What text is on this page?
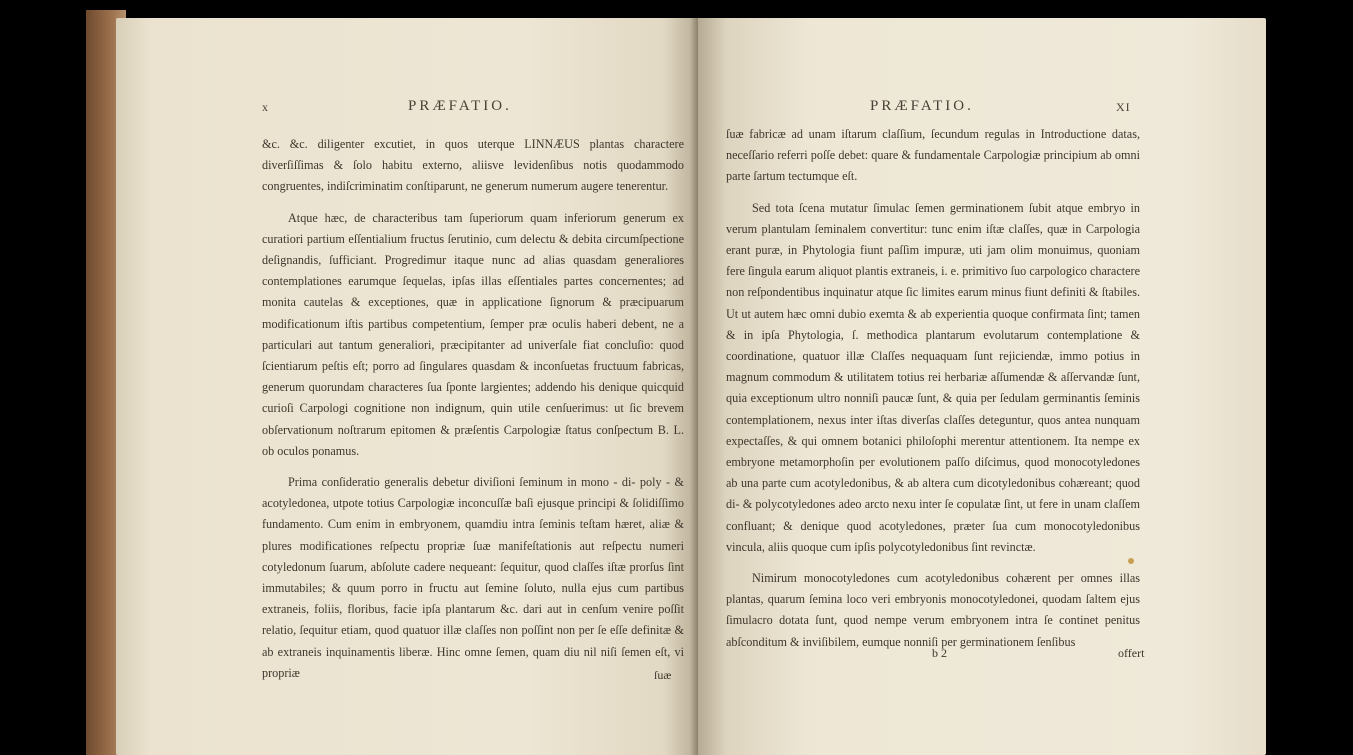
x	PRÆFATIO.

&c. &c. diligenter excutiet, in quos uterque LINNÆUS plantas charactere diverſiſſimas & ſolo habitu externo, aliisve levidenſibus notis quodammodo congruentes, indiſcriminatim conſtiparunt, ne generum numerum augere tenerentur.

Atque hæc, de characteribus tam ſuperiorum quam inferiorum generum ex curatiori partium eſſentialium fructus ſerutinio, cum delectu & debita circumſpectione deſignandis, ſufficiant. Progredimur itaque nunc ad alias quasdam generaliores contemplationes earumque ſequelas, ipſas illas eſſentiales partes concernentes; ad monita cautelas & exceptiones, quæ in applicatione ſignorum & præcipuarum modificationum iſtis partibus competentium, ſemper præ oculis haberi debent, ne a particulari aut tantum generaliori, præcipitanter ad univerſale fiat concluſio: quod ſcientiarum peſtis eſt; porro ad ſingulares quasdam & inconſuetas fructuum fabricas, generum quorundam characteres ſua ſponte largientes; addendo his denique quicquid curioſi Carpologi cognitione non indignum, quin utile cenſuerimus: ut ſic brevem obſervationum noſtrarum epitomen & præſentis Carpologiæ ſtatus conſpectum B. L. ob oculos ponamus.

Prima conſideratio generalis debetur diviſioni ſeminum in mono - di- poly - & acotyledonea, utpote totius Carpologiæ inconcuſſæ baſi ejusque principi & ſolidiſſimo fundamento. Cum enim in embryonem, quamdiu intra ſeminis teſtam hæret, aliæ & plures modificationes reſpectu propriæ ſuæ manifeſtationis aut reſpectu numeri cotyledonum ſuarum, abſolute cadere nequeant: ſequitur, quod claſſes iſtæ prorſus ſint immutabiles; & quum porro in fructu aut ſemine ſoluto, nulla ejus cum partibus extraneis, foliis, floribus, facie ipſa plantarum &c. dari aut in cenſum venire poſſit relatio, ſequitur etiam, quod quatuor illæ claſſes non poſſint non per ſe eſſe definitæ & ab extraneis inquinamentis liberæ. Hinc omne ſemen, quam diu nil niſi ſemen eſt, vi propriæ	ſuæ
PRÆFATIO.	XI

ſuæ fabricæ ad unam iſtarum claſſium, ſecundum regulas in Introductione datas, neceſſario referri poſſe debet: quare & fundamentale Carpologiæ principium ab omni parte ſartum tectumque eſt.

Sed tota ſcena mutatur ſimulac ſemen germinationem ſubit atque embryo in verum plantulam ſeminalem convertitur: tunc enim iſtæ claſſes, quæ in Carpologia erant puræ, in Phytologia fiunt paſſim impuræ, uti jam olim monuimus, quoniam fere ſingula earum aliquot plantis extraneis, i. e. primitivo ſuo carpologico charactere non reſpondentibus inquinatur atque ſic limites earum minus fiunt definiti & ſtabiles. Ut ut autem hæc omni dubio exemta & ab experientia quoque confirmata ſint; tamen & in ipſa Phytologia, ſ. methodica plantarum evolutarum contemplatione & coordinatione, quatuor illæ Claſſes nequaquam ſunt rejiciendæ, immo potius in magnum commodum & utilitatem totius rei herbariæ aſſumendæ & aſſervandæ ſunt, quia exceptionum ultro nonniſi paucæ ſunt, & quia per ſedulam germinantis ſeminis contemplationem, nexus inter iſtas diverſas claſſes deteguntur, quos antea nunquam expectaſſes, & qui omnem botanici philoſophi merentur attentionem. Ita nempe ex embryone metamorphoſin per evolutionem paſſo diſcimus, quod monocotyledones ab una parte cum acotyledonibus, & ab altera cum dicotyledonibus cohæreant; quod di- & polycotyledones adeo arcto nexu inter ſe copulatæ ſint, ut fere in unam claſſem confluant; & denique quod acotyledones, præter ſua cum monocotyledonibus vincula, aliis quoque cum ipſis polycotyledonibus ſint revinctæ.

Nimirum monocotyledones cum acotyledonibus cohærent per omnes illas plantas, quarum ſemina loco veri embryonis monocotyledonei, quodam ſaltem ejus ſimulacro dotata ſunt, quod nempe verum embryonem intra ſe continet penitus abſconditum & inviſibilem, eumque nonniſi per germinationem ſenſibus

b 2	offert
